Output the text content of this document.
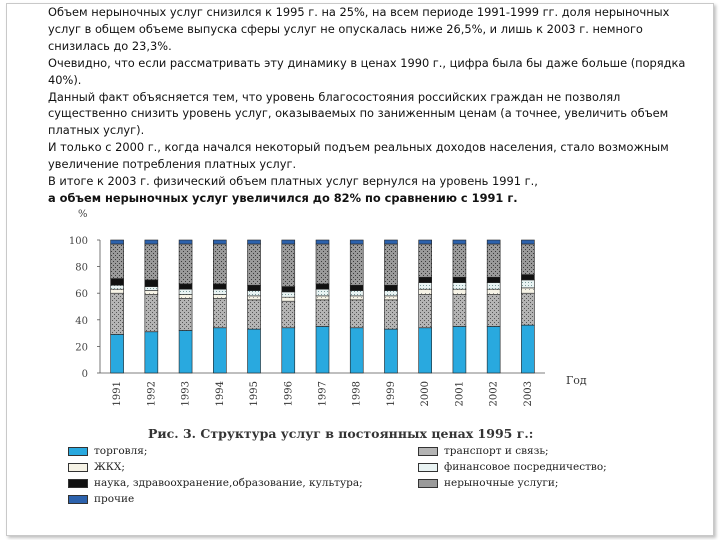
Объем нерыночных услуг снизился к 1995 г. на 25%, на всем периоде 1991-1999 гг. доля нерыночных услуг в общем объеме выпуска сферы услуг не опускалась ниже 26,5%, и лишь к 2003 г. немного снизилась до 23,3%.

Очевидно, что если рассматривать эту динамику в ценах 1990 г., цифра была бы даже больше (порядка 40%).

Данный факт объясняется тем, что уровень благосостояния российских граждан не позволял существенно снизить уровень услуг, оказываемых по заниженным ценам (а точнее, увеличить объем платных услуг).

И только с 2000 г., когда начался некоторый подъем реальных доходов населения, стало возможным увеличение потребления платных услуг.

В итоге к 2003 г. физический объем платных услуг вернулся на уровень 1991 г.,

а объем нерыночных услуг увеличился до 82% по сравнению с 1991 г.

0
20
40
60
80
100
1991 1992 1993 1994 1995 1996 1997 1998 1999 2000 2001 2002 2003
%
Год
Рис. 3. Структура услуг в постоянных ценах 1995 г.:
торговля;	транспорт и связь;
ЖКХ;	финансовое посредничество;
наука, здравоохранение,образование, культура;	нерыночные услуги;
прочие
